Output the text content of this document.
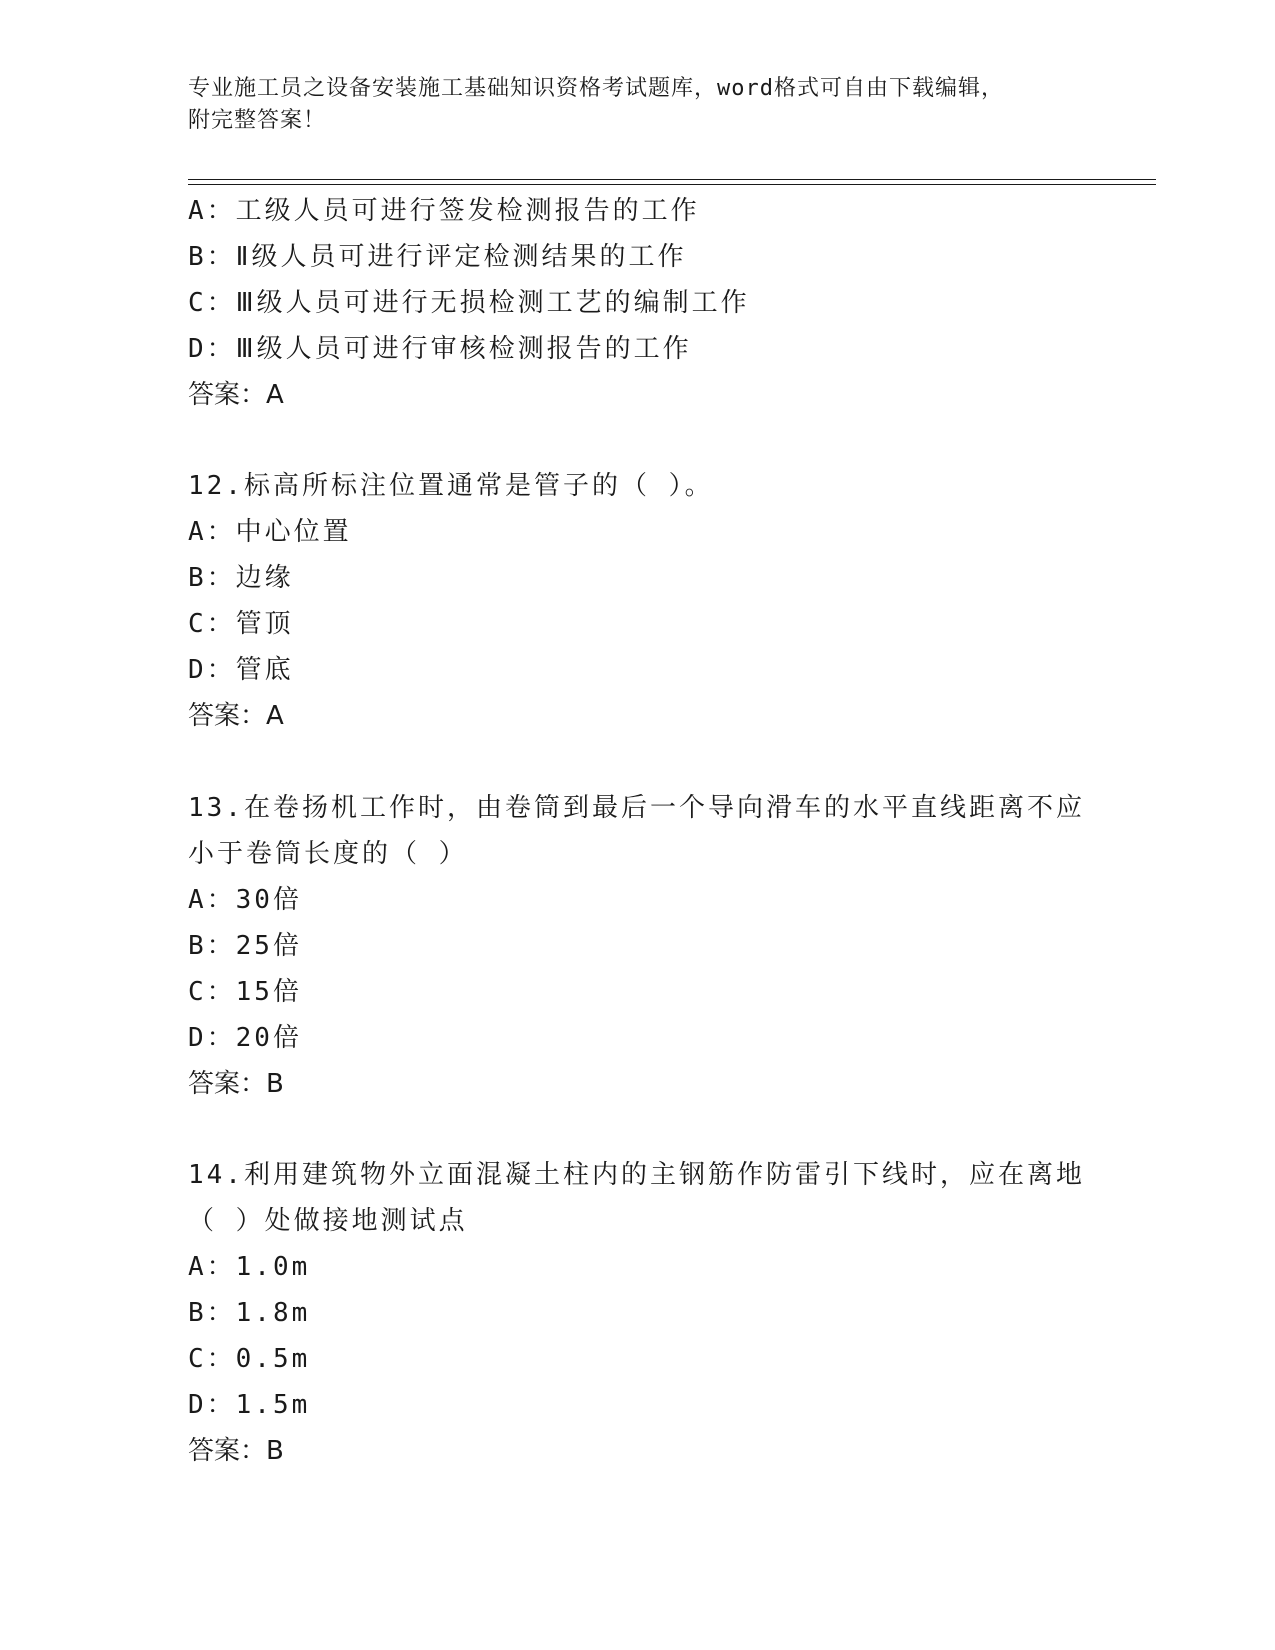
专业施工员之设备安装施工基础知识资格考试题库，word格式可自由下载编辑，
附完整答案！
A：工级人员可进行签发检测报告的工作
B：Ⅱ级人员可进行评定检测结果的工作
C：Ⅲ级人员可进行无损检测工艺的编制工作
D：Ⅲ级人员可进行审核检测报告的工作
答案：A
12.标高所标注位置通常是管子的（ ）。
A：中心位置
B：边缘
C：管顶
D：管底
答案：A
13.在卷扬机工作时，由卷筒到最后一个导向滑车的水平直线距离不应
小于卷筒长度的（ ）
A：30倍
B：25倍
C：15倍
D：20倍
答案：B
14.利用建筑物外立面混凝土柱内的主钢筋作防雷引下线时，应在离地
（ ）处做接地测试点
A：1.0m
B：1.8m
C：0.5m
D：1.5m
答案：B
